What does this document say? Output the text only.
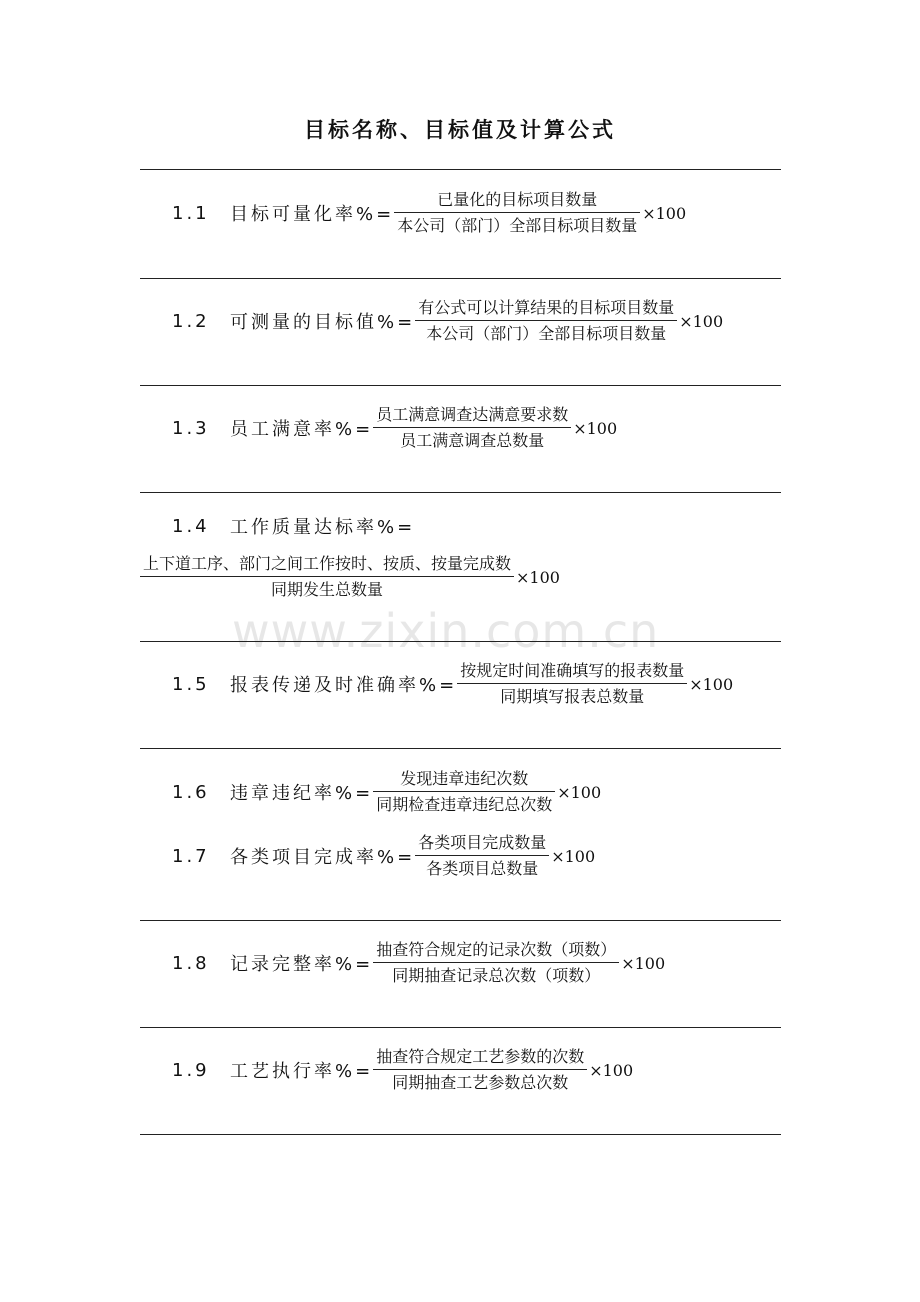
目标名称、目标值及计算公式
www.zixin.com.cn
1.1	目标可量化率%= $\frac{\text{已量化的目标项目数量}}{\text{本公司（部门）全部目标项目数量}} \times 100$
1.2	可测量的目标值%= $\frac{\text{有公式可以计算结果的目标项目数量}}{\text{本公司（部门）全部目标项目数量}} \times 100$
1.3	员工满意率%= $\frac{\text{员工满意调查达满意要求数}}{\text{员工满意调查总数量}} \times 100$
1.4	工作质量达标率%=
$\frac{\text{上下道工序、部门之间工作按时、按质、按量完成数}}{\text{同期发生总数量}} \times 100$
1.5	报表传递及时准确率%= $\frac{\text{按规定时间准确填写的报表数量}}{\text{同期填写报表总数量}} \times 100$
1.6	违章违纪率%= $\frac{\text{发现违章违纪次数}}{\text{同期检查违章违纪总次数}} \times 100$
1.7	各类项目完成率%= $\frac{\text{各类项目完成数量}}{\text{各类项目总数量}} \times 100$
1.8	记录完整率%= $\frac{\text{抽查符合规定的记录次数（项数）}}{\text{同期抽查记录总次数（项数）}} \times 100$
1.9	工艺执行率%= $\frac{\text{抽查符合规定工艺参数的次数}}{\text{同期抽查工艺参数总次数}} \times 100$
